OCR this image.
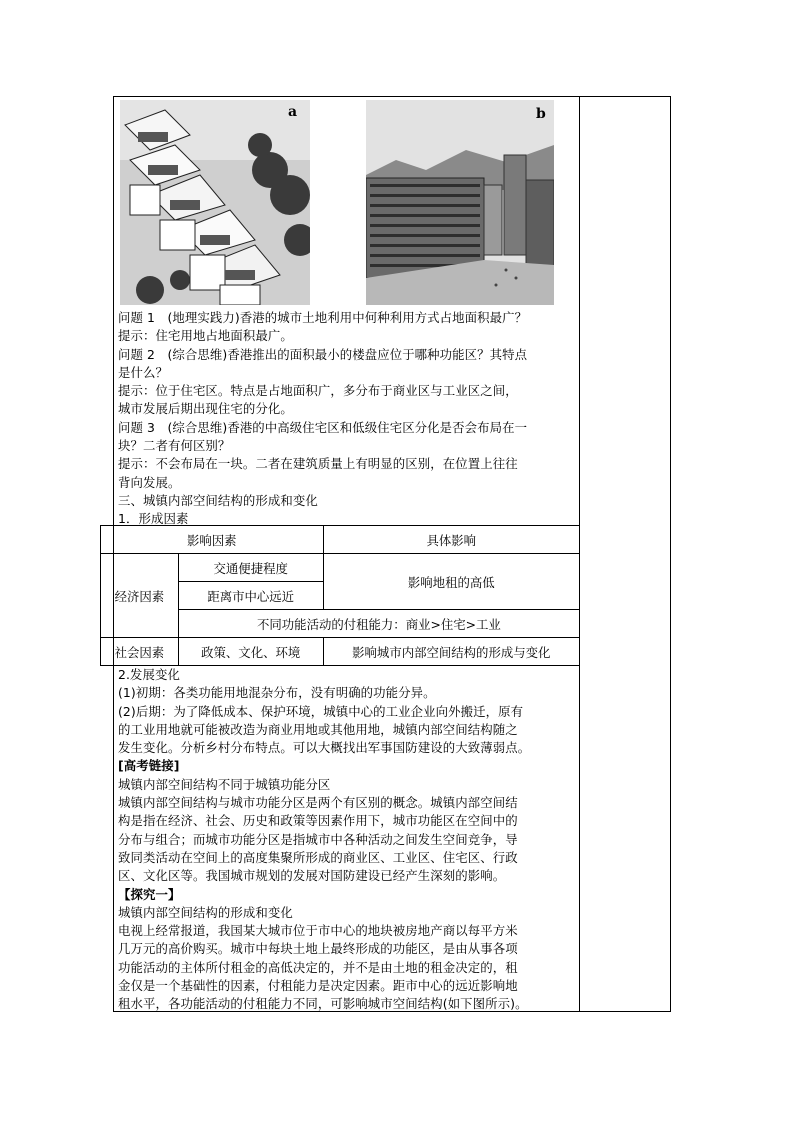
a	b

问题 1　(地理实践力)香港的城市土地利用中何种利用方式占地面积最广？

提示：住宅用地占地面积最广。

问题 2　(综合思维)香港推出的面积最小的楼盘应位于哪种功能区？其特点

是什么？

提示：位于住宅区。特点是占地面积广，多分布于商业区与工业区之间，

城市发展后期出现住宅的分化。

问题 3　(综合思维)香港的中高级住宅区和低级住宅区分化是否会布局在一

块？二者有何区别？

提示：不会布局在一块。二者在建筑质量上有明显的区别，在位置上往往

背向发展。

三、城镇内部空间结构的形成和变化

1．形成因素

影响因素		具体影响
经济因素	交通便捷程度	影响地租的高低
	距离市中心远近	
	不同功能活动的付租能力：商业>住宅>工业	
社会因素	政策、文化、环境	影响城市内部空间结构的形成与变化

2.发展变化

(1)初期：各类功能用地混杂分布，没有明确的功能分异。

(2)后期：为了降低成本、保护环境，城镇中心的工业企业向外搬迁，原有

的工业用地就可能被改造为商业用地或其他用地，城镇内部空间结构随之

发生变化。分析乡村分布特点。可以大概找出军事国防建设的大致薄弱点。

[高考链接]

城镇内部空间结构不同于城镇功能分区

城镇内部空间结构与城市功能分区是两个有区别的概念。城镇内部空间结

构是指在经济、社会、历史和政策等因素作用下，城市功能区在空间中的

分布与组合；而城市功能分区是指城市中各种活动之间发生空间竞争，导

致同类活动在空间上的高度集聚所形成的商业区、工业区、住宅区、行政

区、文化区等。我国城市规划的发展对国防建设已经产生深刻的影响。

【探究一】

城镇内部空间结构的形成和变化

电视上经常报道，我国某大城市位于市中心的地块被房地产商以每平方米

几万元的高价购买。城市中每块土地上最终形成的功能区，是由从事各项

功能活动的主体所付租金的高低决定的，并不是由土地的租金决定的，租

金仅是一个基础性的因素，付租能力是决定因素。距市中心的远近影响地

租水平，各功能活动的付租能力不同，可影响城市空间结构(如下图所示)。
